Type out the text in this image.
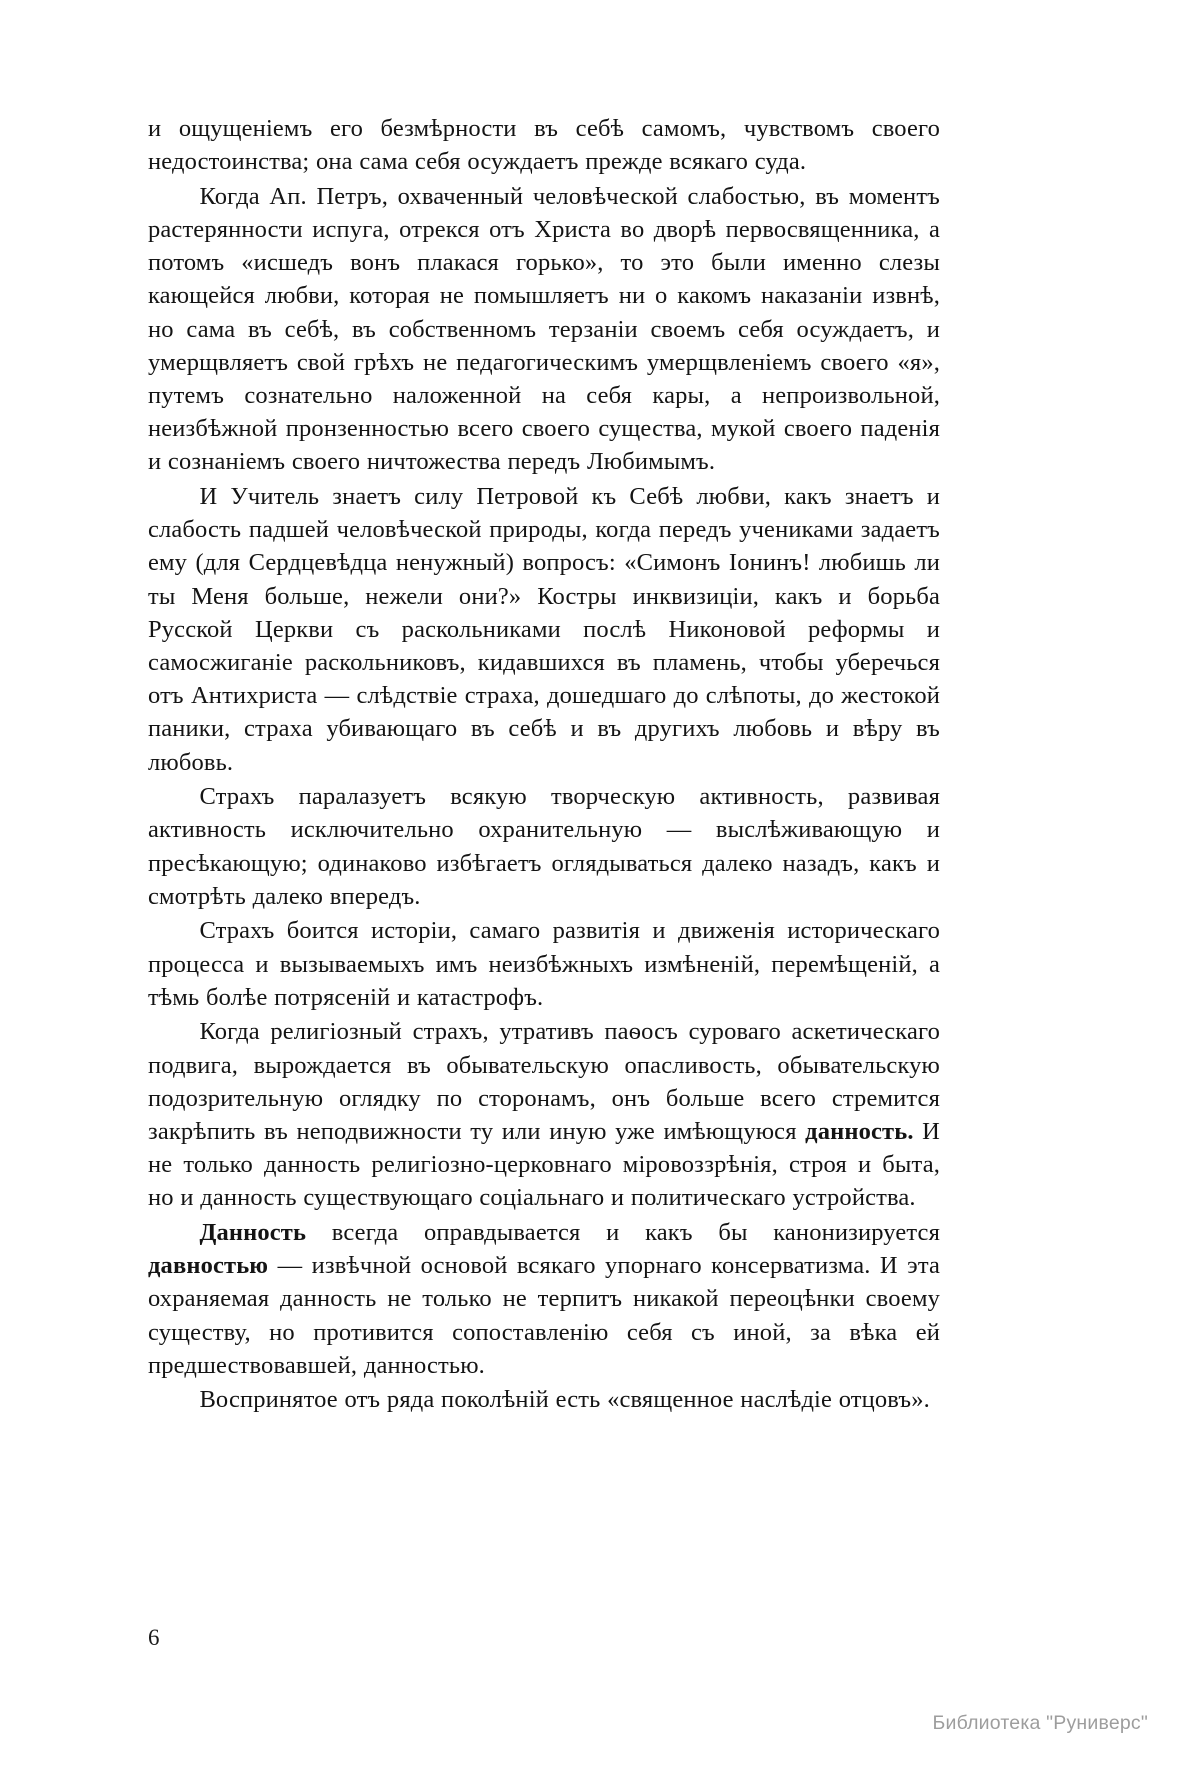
и ощущеніемъ его безмѣрности въ себѣ самомъ, чувствомъ своего недостоинства; она сама себя осуждаетъ прежде всякаго суда.

Когда Ап. Петръ, охваченный человѣческой слабостью, въ моментъ растерянности испуга, отрекся отъ Христа во дворѣ первосвященника, а потомъ «исшедъ вонъ плакася горько», то это были именно слезы кающейся любви, которая не помышляетъ ни о какомъ наказаніи извнѣ, но сама въ себѣ, въ собственномъ терзаніи своемъ себя осуждаетъ, и умерщвляетъ свой грѣхъ не педагогическимъ умерщвленіемъ своего «я», путемъ сознательно наложенной на себя кары, а непроизвольной, неизбѣжной пронзенностью всего своего существа, мукой своего паденія и сознаніемъ своего ничтожества передъ Любимымъ.

И Учитель знаетъ силу Петровой къ Себѣ любви, какъ знаетъ и слабость падшей человѣческой природы, когда передъ учениками задаетъ ему (для Сердцевѣдца ненужный) вопросъ: «Симонъ Іонинъ! любишь ли ты Меня больше, нежели они?» Костры инквизиціи, какъ и борьба Русской Церкви съ раскольниками послѣ Никоновой реформы и самосжиганіе раскольниковъ, кидавшихся въ пламень, чтобы уберечься отъ Антихриста — слѣдствіе страха, дошедшаго до слѣпоты, до жестокой паники, страха убивающаго въ себѣ и въ другихъ любовь и вѣру въ любовь.

Страхъ паралазуетъ всякую творческую активность, развивая активность исключительно охранительную — выслѣживающую и пресѣкающую; одинаково избѣгаетъ оглядываться далеко назадъ, какъ и смотрѣть далеко впередъ.

Страхъ боится исторіи, самаго развитія и движенія историческаго процесса и вызываемыхъ имъ неизбѣжныхъ измѣненій, перемѣщеній, а тѣмь болѣе потрясеній и катастрофъ.

Когда религіозный страхъ, утративъ паѳосъ суроваго аскетическаго подвига, вырождается въ обывательскую опасливость, обывательскую подозрительную оглядку по сторонамъ, онъ больше всего стремится закрѣпить въ неподвижности ту или иную уже имѣющуюся данность. И не только данность религіозно-церковнаго міровоззрѣнія, строя и быта, но и данность существующаго соціальнаго и политическаго устройства.

Данность всегда оправдывается и какъ бы канонизируется давностью — извѣчной основой всякаго упорнаго консерватизма. И эта охраняемая данность не только не терпитъ никакой переоцѣнки своему существу, но противится сопоставленію себя съ иной, за вѣка ей предшествовавшей, данностью.

Воспринятое отъ ряда поколѣній есть «священное наслѣдіе отцовъ».

6
Библиотека "Руниверс"
